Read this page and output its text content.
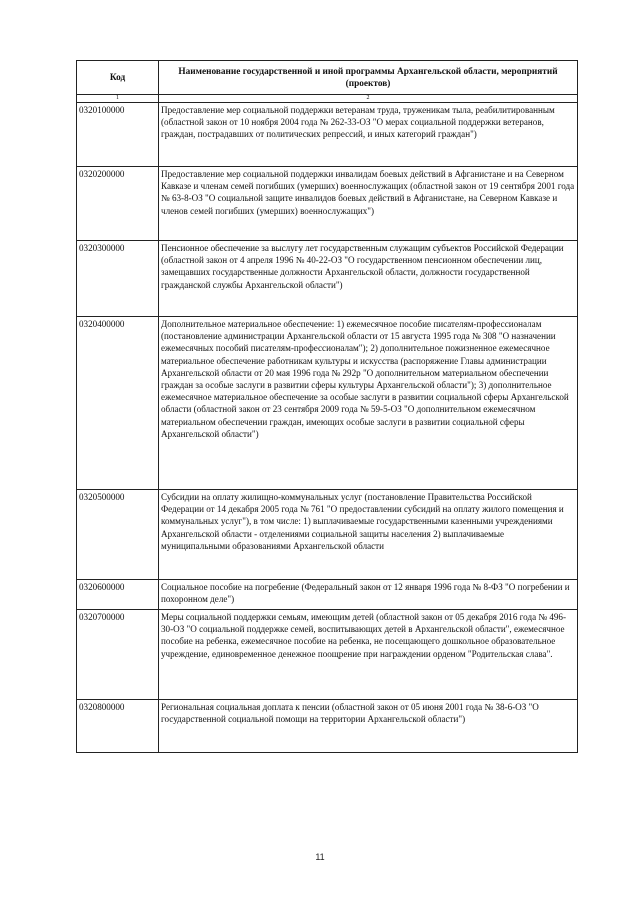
Код	Наименование государственной и иной программы Архангельской области, мероприятий (проектов)
1	2
0320100000	Предоставление мер социальной поддержки ветеранам труда, труженикам тыла, реабилитированным (областной закон от 10 ноября 2004 года № 262-33-ОЗ "О мерах социальной поддержки ветеранов, граждан, пострадавших от политических репрессий, и иных категорий граждан")
0320200000	Предоставление мер социальной поддержки инвалидам боевых действий в Афганистане и на Северном Кавказе и членам семей погибших (умерших) военнослужащих (областной закон от 19 сентября 2001 года № 63-8-ОЗ "О социальной защите инвалидов боевых действий в Афганистане, на Северном Кавказе и членов семей погибших (умерших) военнослужащих")
0320300000	Пенсионное обеспечение за выслугу лет государственным служащим субъектов Российской Федерации (областной закон от 4 апреля 1996 № 40-22-ОЗ "О государственном пенсионном обеспечении лиц, замещавших государственные должности Архангельской области, должности государственной гражданской службы Архангельской области")
0320400000	Дополнительное материальное обеспечение: 1) ежемесячное пособие писателям-профессионалам (постановление администрации Архангельской области от 15 августа 1995 года № 308 "О назначении ежемесячных пособий писателям-профессионалам"); 2) дополнительное пожизненное ежемесячное материальное обеспечение работникам культуры и искусства (распоряжение Главы администрации Архангельской области от 20 мая 1996 года № 292р "О дополнительном материальном обеспечении граждан за особые заслуги в развитии сферы культуры Архангельской области"); 3) дополнительное ежемесячное материальное обеспечение за особые заслуги в развитии социальной сферы Архангельской области (областной закон от 23 сентября 2009 года № 59-5-ОЗ "О дополнительном ежемесячном материальном обеспечении граждан, имеющих особые заслуги в развитии социальной сферы Архангельской области")
0320500000	Субсидии на оплату жилищно-коммунальных услуг (постановление Правительства Российской Федерации от 14 декабря 2005 года № 761 "О предоставлении субсидий на оплату жилого помещения и коммунальных услуг"), в том числе: 1) выплачиваемые государственными казенными учреждениями Архангельской области - отделениями социальной защиты населения 2) выплачиваемые муниципальными образованиями Архангельской области
0320600000	Социальное пособие на погребение (Федеральный закон от 12 января 1996 года № 8-ФЗ "О погребении и похоронном деле")
0320700000	Меры социальной поддержки семьям, имеющим детей (областной закон от 05 декабря 2016 года № 496-30-ОЗ "О социальной поддержке семей, воспитывающих детей в Архангельской области", ежемесячное пособие на ребенка, ежемесячное пособие на ребенка, не посещающего дошкольное образовательное учреждение, единовременное денежное поощрение при награждении орденом "Родительская слава".
0320800000	Региональная социальная доплата к пенсии (областной закон от 05 июня 2001 года № 38-6-ОЗ "О государственной социальной помощи на территории Архангельской области")
11
